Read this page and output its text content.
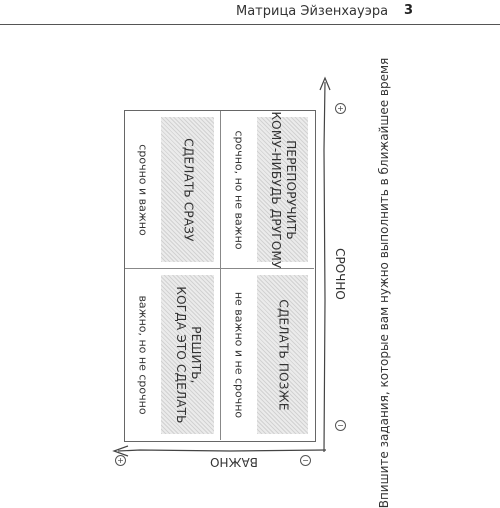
Матрица Эйзенхауэра 3
СРОЧНО
ВАЖНО
+
−
+	−
срочно и важно	СДЕЛАТЬ СРАЗУ	срочно, но не важно	ПЕРЕПОРУЧИТЬ
КОМУ-НИБУДЬ ДРУГОМУ
важно, но не срочно	РЕШИТЬ,
КОГДА ЭТО СДЕЛАТЬ	не важно и не срочно	СДЕЛАТЬ ПОЗЖЕ	Впишите задания, которые вам нужно выполнить в ближайшее время
